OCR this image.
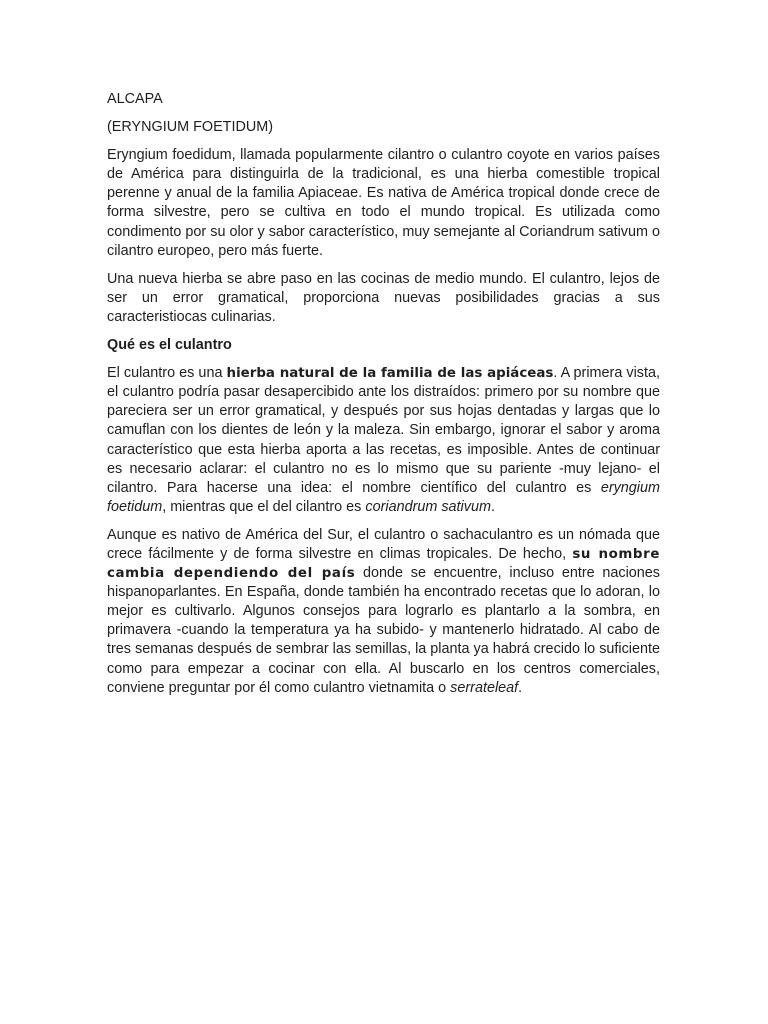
ALCAPA

(ERYNGIUM FOETIDUM)

Eryngium foedidum, llamada popularmente cilantro o culantro coyote en varios países de América para distinguirla de la tradicional, es una hierba comestible tropical perenne y anual de la familia Apiaceae. Es nativa de América tropical donde crece de forma silvestre, pero se cultiva en todo el mundo tropical. Es utilizada como condimento por su olor y sabor característico, muy semejante al Coriandrum sativum o cilantro europeo, pero más fuerte.

Una nueva hierba se abre paso en las cocinas de medio mundo. El culantro, lejos de ser un error gramatical, proporciona nuevas posibilidades gracias a sus caracteristiocas culinarias.

Qué es el culantro

El culantro es una hierba natural de la familia de las apiáceas. A primera vista, el culantro podría pasar desapercibido ante los distraídos: primero por su nombre que pareciera ser un error gramatical, y después por sus hojas dentadas y largas que lo camuflan con los dientes de león y la maleza. Sin embargo, ignorar el sabor y aroma característico que esta hierba aporta a las recetas, es imposible. Antes de continuar es necesario aclarar: el culantro no es lo mismo que su pariente -muy lejano- el cilantro. Para hacerse una idea: el nombre científico del culantro es eryngium foetidum, mientras que el del cilantro es coriandrum sativum.

Aunque es nativo de América del Sur, el culantro o sachaculantro es un nómada que crece fácilmente y de forma silvestre en climas tropicales. De hecho, su nombre cambia dependiendo del país donde se encuentre, incluso entre naciones hispanoparlantes. En España, donde también ha encontrado recetas que lo adoran, lo mejor es cultivarlo. Algunos consejos para lograrlo es plantarlo a la sombra, en primavera -cuando la temperatura ya ha subido- y mantenerlo hidratado. Al cabo de tres semanas después de sembrar las semillas, la planta ya habrá crecido lo suficiente como para empezar a cocinar con ella. Al buscarlo en los centros comerciales, conviene preguntar por él como culantro vietnamita o serrateleaf.
